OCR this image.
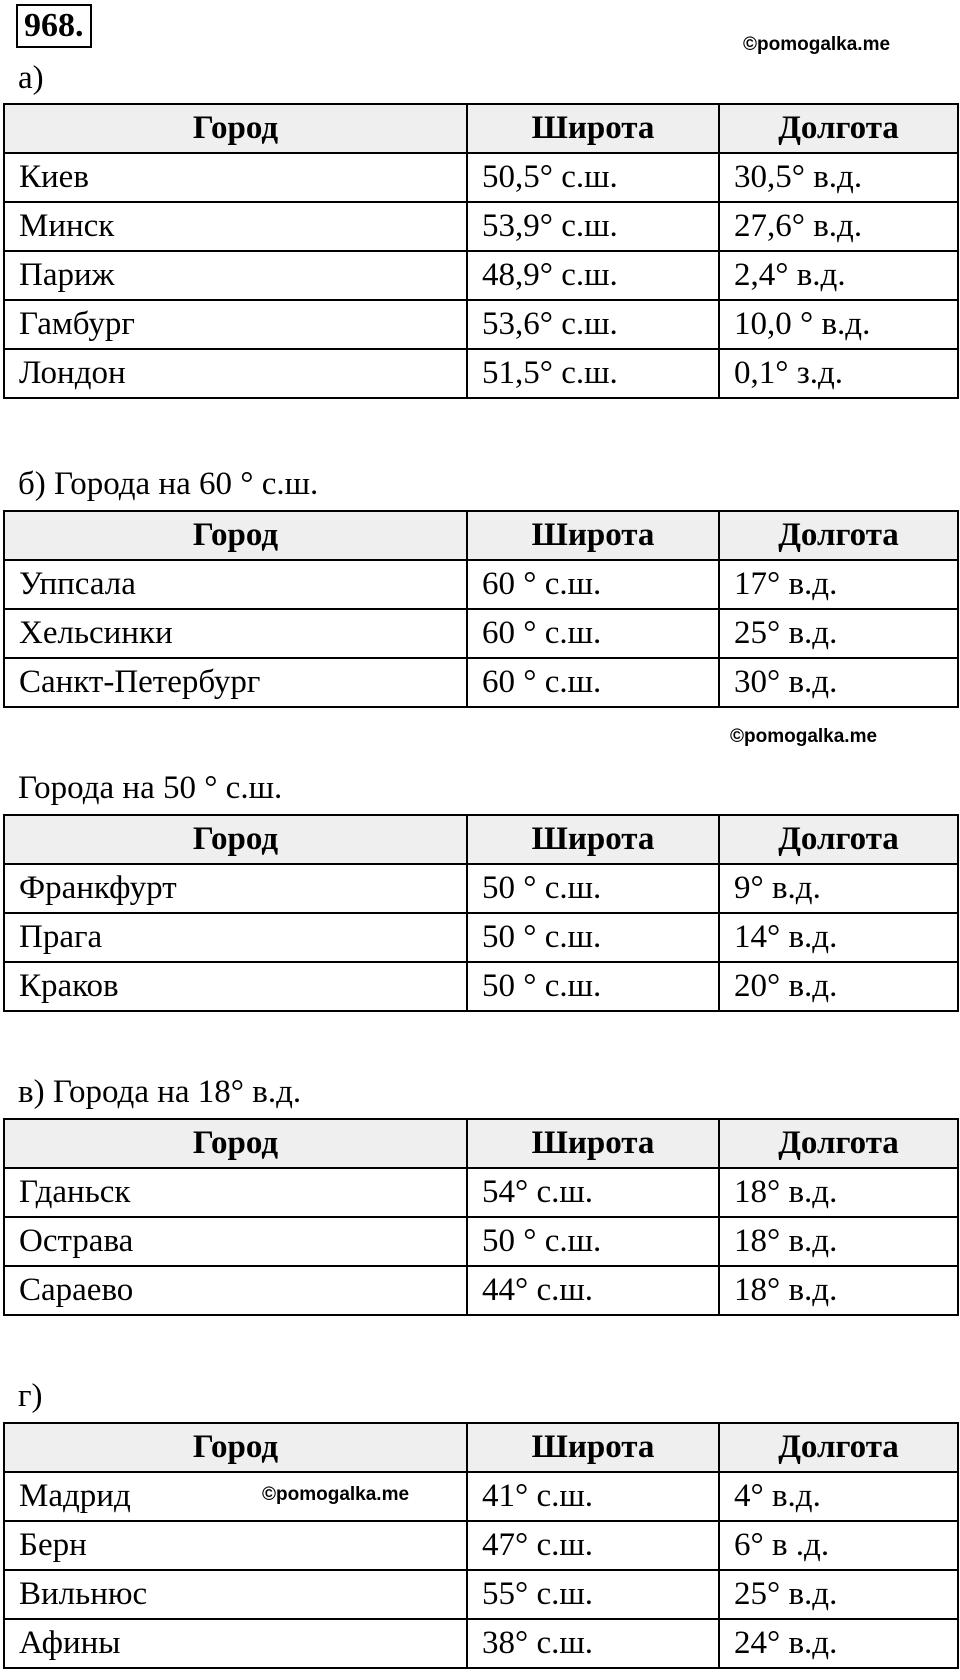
968.
©pomogalka.me
©pomogalka.me
©pomogalka.me
а)
Город	Широта	Долгота
Киев	50,5° с.ш.	30,5° в.д.
Минск	53,9° с.ш.	27,6° в.д.
Париж	48,9° с.ш.	2,4° в.д.
Гамбург	53,6° с.ш.	10,0 ° в.д.
Лондон	51,5° с.ш.	0,1° з.д.
б) Города на 60 ° с.ш.
Город	Широта	Долгота
Уппсала	60 ° с.ш.	17° в.д.
Хельсинки	60 ° с.ш.	25° в.д.
Санкт-Петербург	60 ° с.ш.	30° в.д.
Города на 50 ° с.ш.
Город	Широта	Долгота
Франкфурт	50 ° с.ш.	9° в.д.
Прага	50 ° с.ш.	14° в.д.
Краков	50 ° с.ш.	20° в.д.
в) Города на 18° в.д.
Город	Широта	Долгота
Гданьск	54° с.ш.	18° в.д.
Острава	50 ° с.ш.	18° в.д.
Сараево	44° с.ш.	18° в.д.
г)
Город	Широта	Долгота
Мадрид	41° с.ш.	4° в.д.
Берн	47° с.ш.	6° в .д.
Вильнюс	55° с.ш.	25° в.д.
Афины	38° с.ш.	24° в.д.
